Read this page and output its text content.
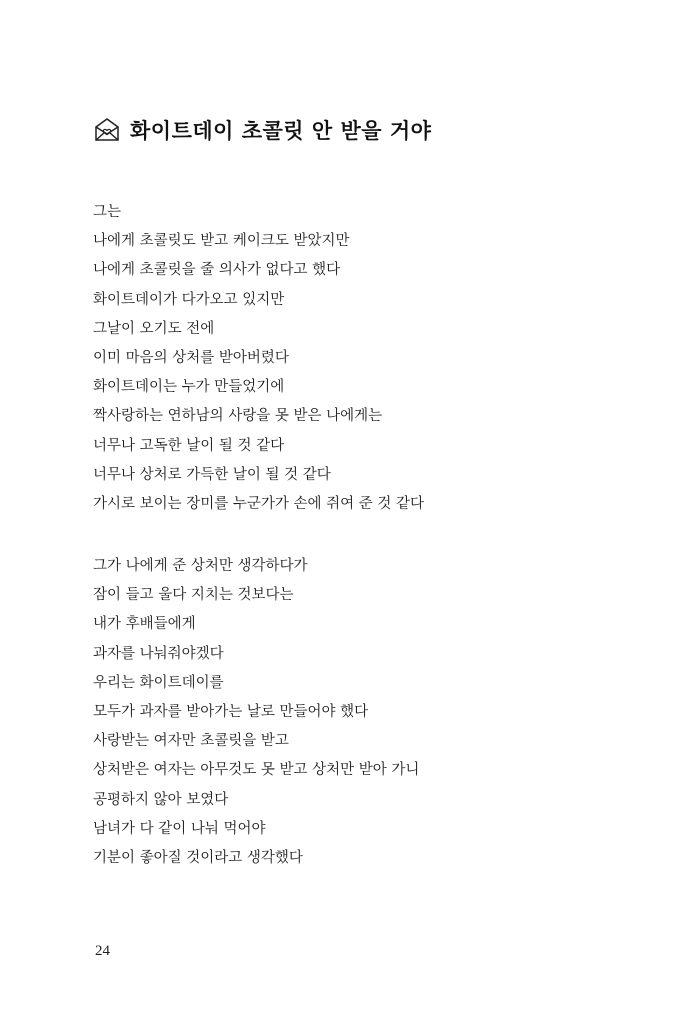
화이트데이 초콜릿 안 받을 거야
그는
나에게 초콜릿도 받고 케이크도 받았지만
나에게 초콜릿을 줄 의사가 없다고 했다
화이트데이가 다가오고 있지만
그날이 오기도 전에
이미 마음의 상처를 받아버렸다
화이트데이는 누가 만들었기에
짝사랑하는 연하남의 사랑을 못 받은 나에게는
너무나 고독한 날이 될 것 같다
너무나 상처로 가득한 날이 될 것 같다
가시로 보이는 장미를 누군가가 손에 쥐여 준 것 같다
그가 나에게 준 상처만 생각하다가
잠이 들고 울다 지치는 것보다는
내가 후배들에게
과자를 나눠줘야겠다
우리는 화이트데이를
모두가 과자를 받아가는 날로 만들어야 했다
사랑받는 여자만 초콜릿을 받고
상처받은 여자는 아무것도 못 받고 상처만 받아 가니
공평하지 않아 보였다
남녀가 다 같이 나눠 먹어야
기분이 좋아질 것이라고 생각했다
24
